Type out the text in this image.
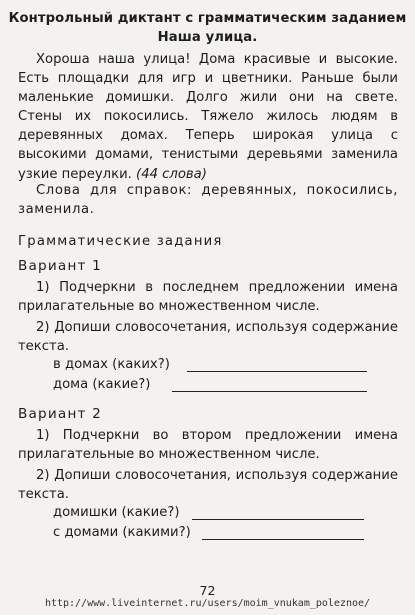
Контрольный диктант с грамматическим заданием
Наша улица.
Хороша наша улица! Дома красивые и высокие. Есть площадки для игр и цветники. Раньше были маленькие домишки. Долго жили они на свете. Стены их покосились. Тяжело жилось людям в деревянных домах. Теперь широкая улица с высокими домами, тенистыми деревьями заменила узкие переулки. (44 слова)
Слова для справок: деревянных, покосились, заменила.
Грамматические задания
Вариант 1
1) Подчеркни в последнем предложении имена прилагательные во множественном числе.
2) Допиши словосочетания, используя содержание текста.
в домах (каких?)
дома (какие?)
Вариант 2
1) Подчеркни во втором предложении имена прилагательные во множественном числе.
2) Допиши словосочетания, используя содержание текста.
домишки (какие?)
с домами (какими?)
72
http://www.liveinternet.ru/users/moim_vnukam_poleznoe/
